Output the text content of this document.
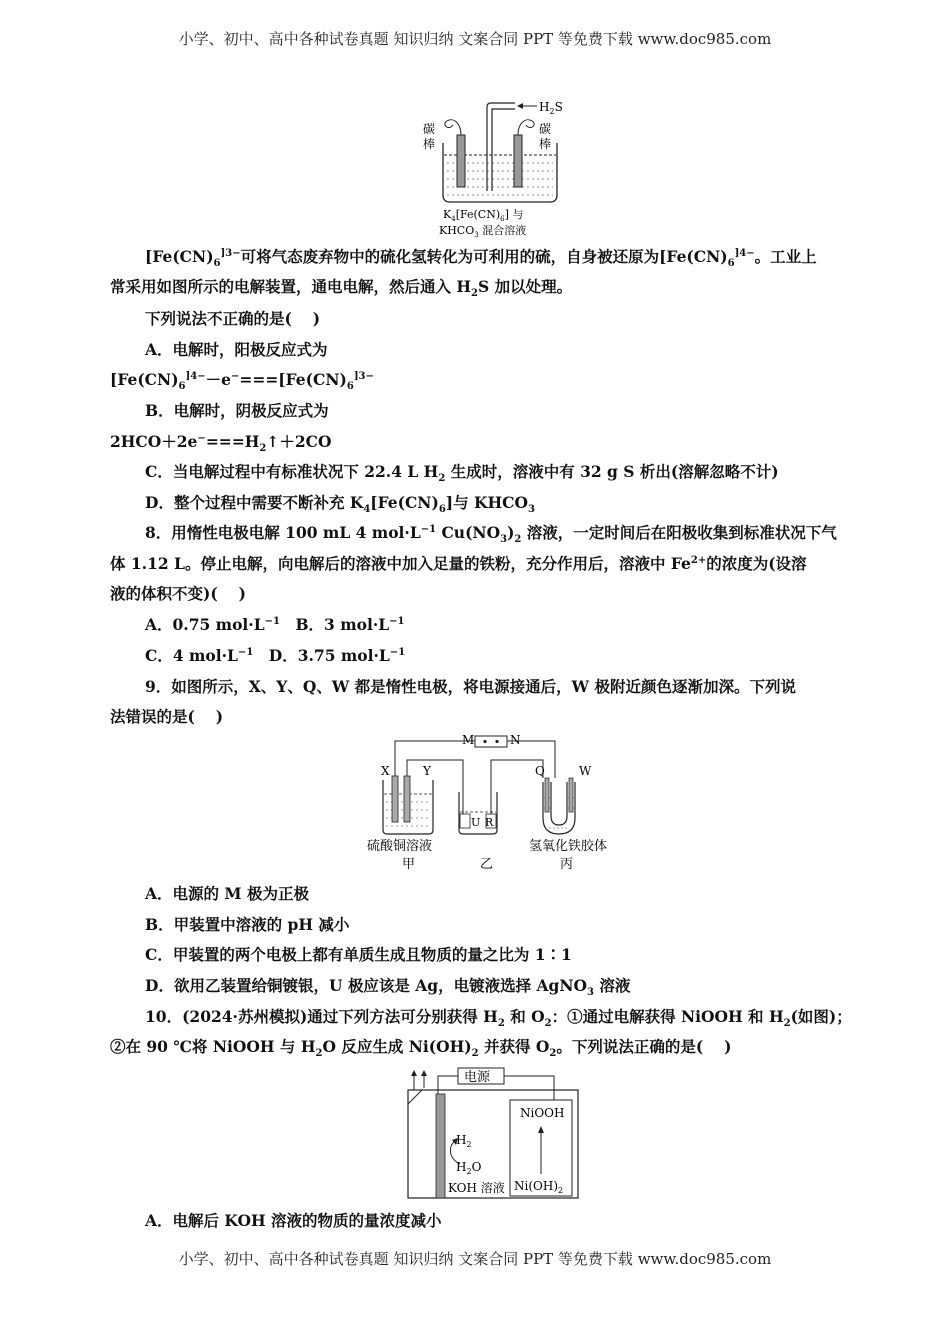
小学、初中、高中各种试卷真题 知识归纳 文案合同 PPT 等免费下载 www.doc985.com
$H_2S$
碳
棒
碳
棒
$K_4[Fe(CN)_6]$ 与
$KHCO_3$ 混合溶液
[$Fe(CN)_6^{]3-}$可将气态废弃物中的硫化氢转化为可利用的硫，自身被还原为[$Fe(CN)_6^{]4-}$。工业上
常采用如图所示的电解装置，通电电解，然后通入 $H_2S$ 加以处理。
下列说法不正确的是(　 )
A．电解时，阳极反应式为
[$Fe(CN)_6^{]4-}-e^-===[Fe(CN)_6^{]3-}$
B．电解时，阴极反应式为
$2HCO+2e^-===H_2↑+2CO$
C．当电解过程中有标准状况下 22.4 L $H_2$ 生成时，溶液中有 32 g S 析出(溶解忽略不计)
D．整个过程中需要不断补充 $K_4[Fe(CN)_6]$与 $KHCO_3$
8．用惰性电极电解 100 mL 4 $mol\cdot L^{-1}$ $Cu(NO_3)_2$ 溶液，一定时间后在阳极收集到标准状况下气
体 1.12 L。停止电解，向电解后的溶液中加入足量的铁粉，充分作用后，溶液中 $Fe^{2+}$的浓度为(设溶
液的体积不变)(　 )
A．0.75 $mol\cdot L^{-1}$　B．3 $mol\cdot L^{-1}$
C．4 $mol\cdot L^{-1}$　D．3.75 $mol\cdot L^{-1}$
9．如图所示，X、Y、Q、W 都是惰性电极，将电源接通后，W 极附近颜色逐渐加深。下列说
法错误的是(　 )
M	N
X	Y
U R
Q	W
硫酸铜溶液	氢氧化铁胶体
甲	乙	丙
A．电源的 M 极为正极
B．甲装置中溶液的 pH 减小
C．甲装置的两个电极上都有单质生成且物质的量之比为 1∶1
D．欲用乙装置给铜镀银，U 极应该是 Ag，电镀液选择 AgNO$_3$ 溶液
10．(2024·苏州模拟)通过下列方法可分别获得 $H_2$ 和 $O_2$：①通过电解获得 NiOOH 和 $H_2$(如图)；
②在 90 ℃将 NiOOH 与 $H_2O$ 反应生成 $Ni(OH)_2$ 并获得 $O_2$。下列说法正确的是(　 )
电源
NiOOH
$Ni(OH)_2$
$H_2$
$H_2O$
KOH 溶液
A．电解后 KOH 溶液的物质的量浓度减小
小学、初中、高中各种试卷真题 知识归纳 文案合同 PPT 等免费下载 www.doc985.com
